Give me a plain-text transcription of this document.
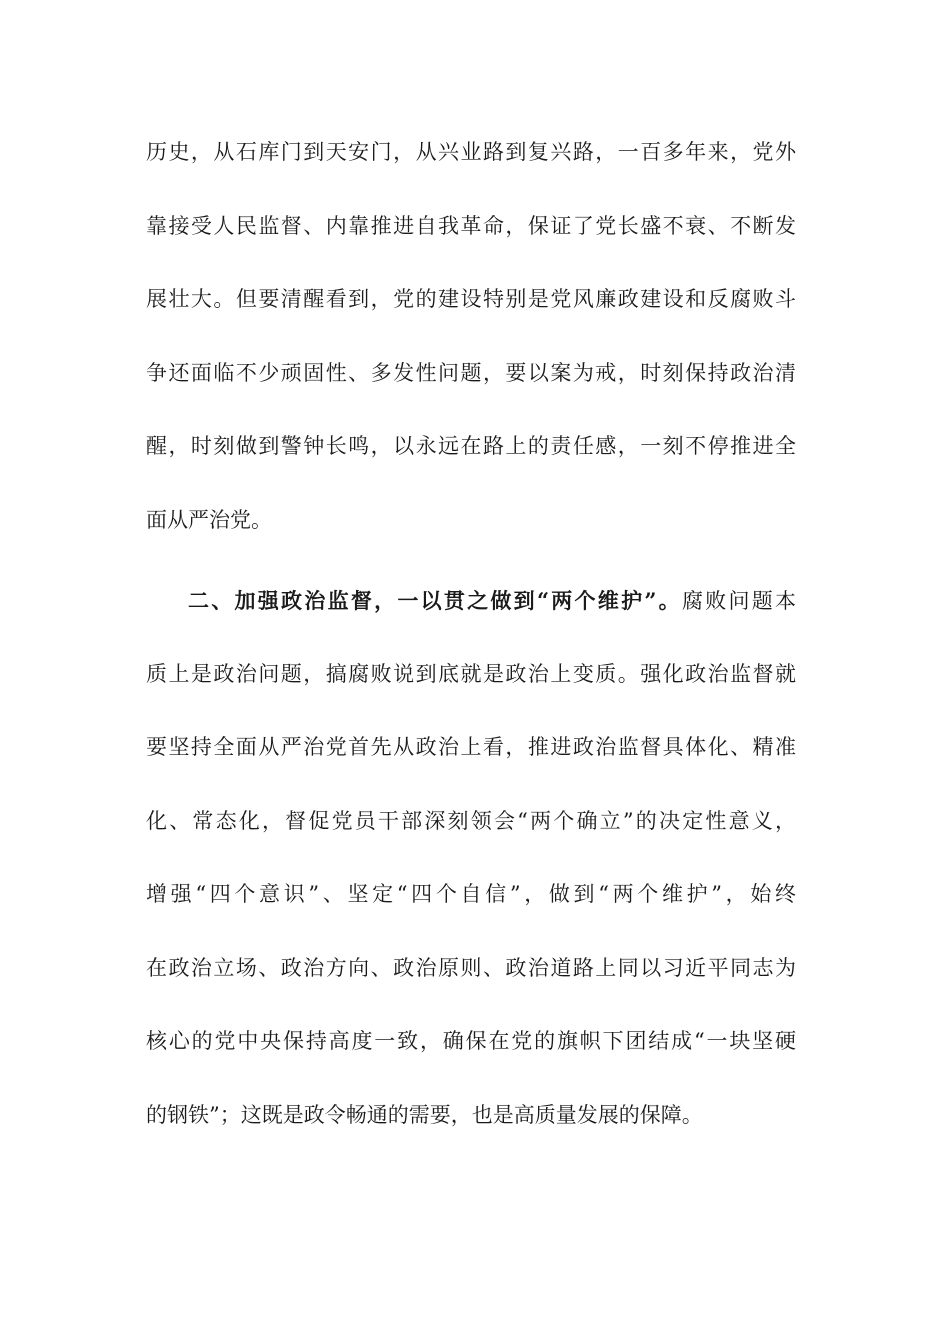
历史，从石库门到天安门，从兴业路到复兴路，一百多年来，党外
靠接受人民监督、内靠推进自我革命，保证了党长盛不衰、不断发
展壮大。但要清醒看到，党的建设特别是党风廉政建设和反腐败斗
争还面临不少顽固性、多发性问题，要以案为戒，时刻保持政治清
醒，时刻做到警钟长鸣，以永远在路上的责任感，一刻不停推进全
面从严治党。
二、加强政治监督，一以贯之做到“两个维护”。腐败问题本
质上是政治问题，搞腐败说到底就是政治上变质。强化政治监督就
要坚持全面从严治党首先从政治上看，推进政治监督具体化、精准
化、常态化，督促党员干部深刻领会“两个确立”的决定性意义，
增强“四个意识”、坚定“四个自信”，做到“两个维护”，始终
在政治立场、政治方向、政治原则、政治道路上同以习近平同志为
核心的党中央保持高度一致，确保在党的旗帜下团结成“一块坚硬
的钢铁”；这既是政令畅通的需要，也是高质量发展的保障。
